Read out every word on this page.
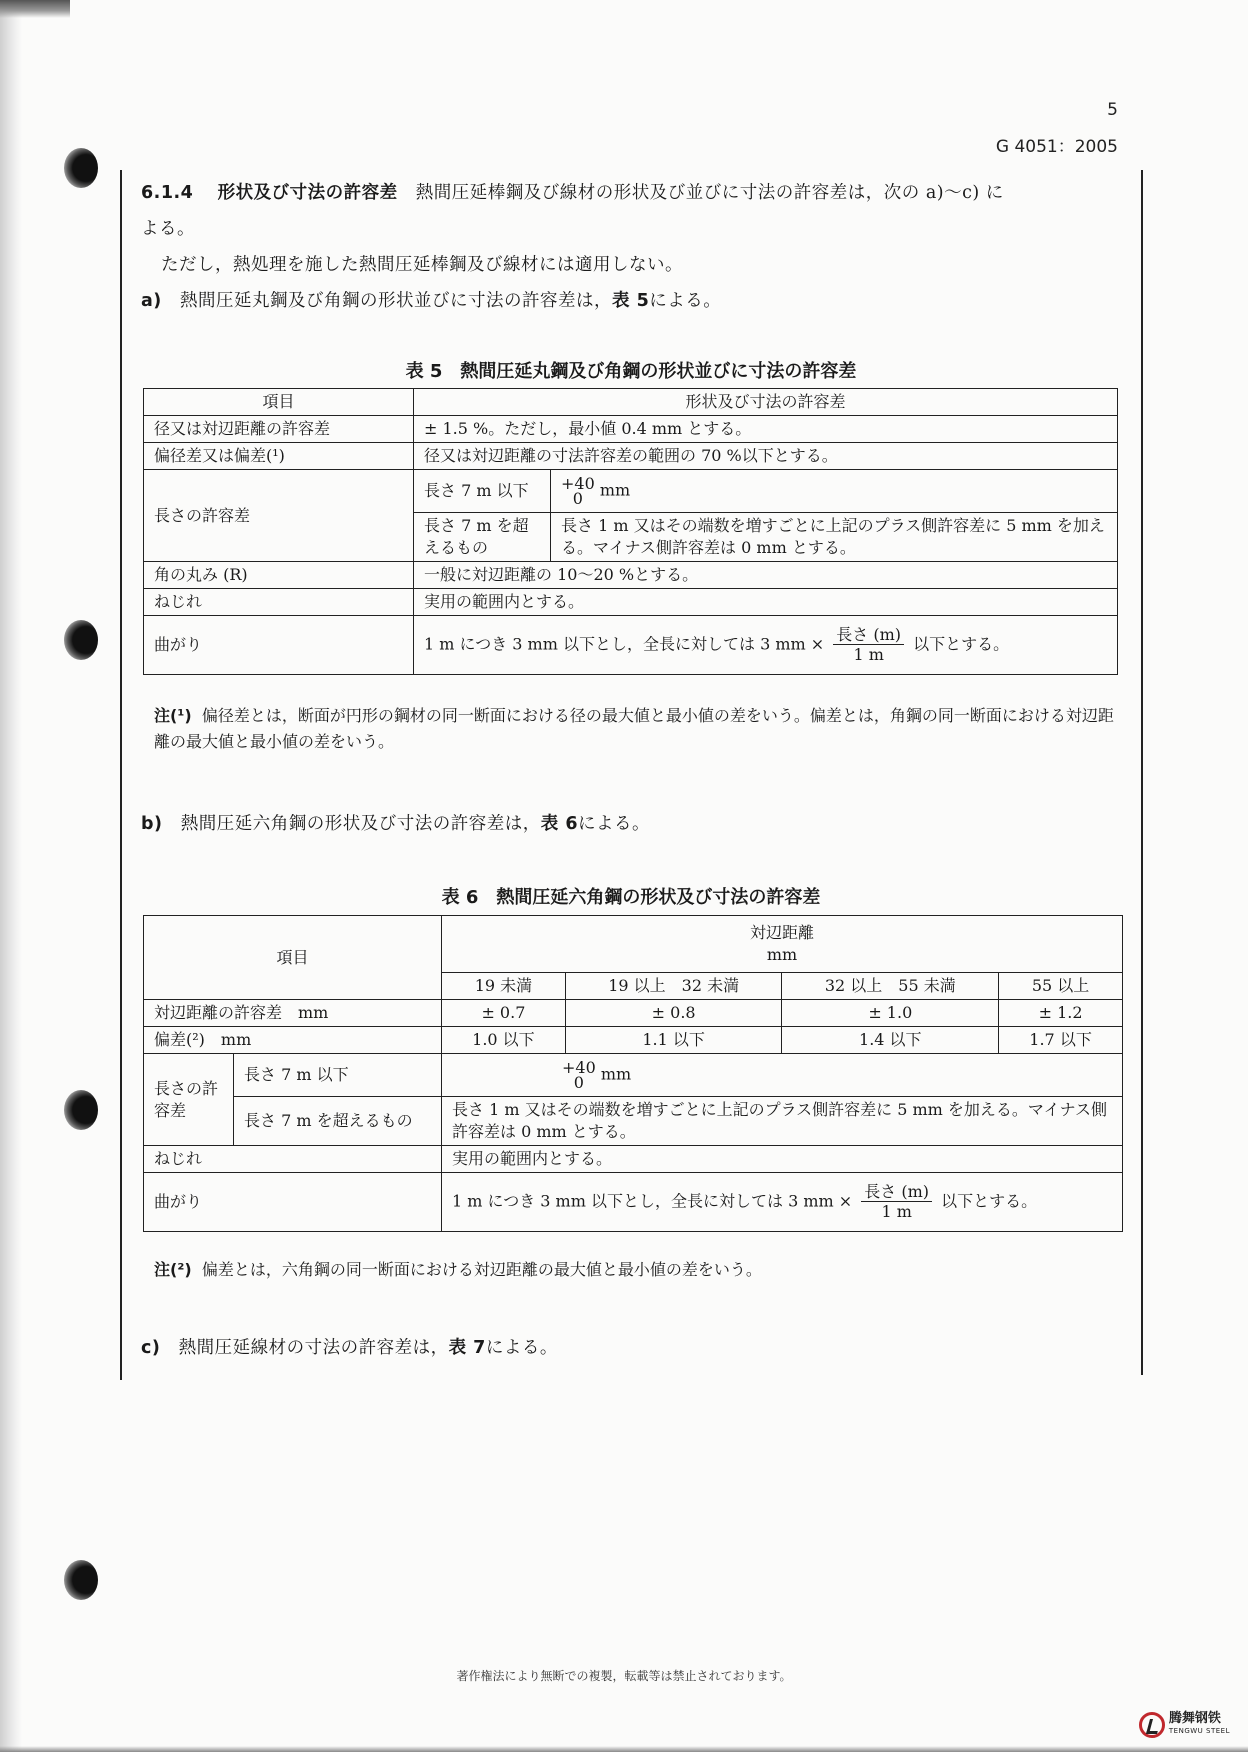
5
G 4051：2005
6.1.4 形状及び寸法の許容差 熱間圧延棒鋼及び線材の形状及び並びに寸法の許容差は，次の a)〜c) に
よる。
ただし，熱処理を施した熱間圧延棒鋼及び線材には適用しない。
a) 熱間圧延丸鋼及び角鋼の形状並びに寸法の許容差は，表 5による。
表 5　熱間圧延丸鋼及び角鋼の形状並びに寸法の許容差
項目	形状及び寸法の許容差	
径又は対辺距離の許容差	± 1.5 %。ただし，最小値 0.4 mm とする。	
偏径差又は偏差(¹)	径又は対辺距離の寸法許容差の範囲の 70 %以下とする。	
長さの許容差	長さ 7 m 以下	+40
0 mm
	長さ 7 m を超えるもの	長さ 1 m 又はその端数を増すごとに上記のプラス側許容差に 5 mm を加える。マイナス側許容差は 0 mm とする。
角の丸み (R)	一般に対辺距離の 10〜20 %とする。	
ねじれ	実用の範囲内とする。	
曲がり	1 m につき 3 mm 以下とし，全長に対しては 3 mm × $\frac{\text{長さ (m)}}{1 m}$ 以下とする。	
注(¹) 偏径差とは，断面が円形の鋼材の同一断面における径の最大値と最小値の差をいう。偏差とは，角鋼の同一断面における対辺距離の最大値と最小値の差をいう。
b) 熱間圧延六角鋼の形状及び寸法の許容差は，表 6による。
表 6　熱間圧延六角鋼の形状及び寸法の許容差
項目		対辺距離
mm			
		19 未満	19 以上　32 未満	32 以上　55 未満	55 以上
対辺距離の許容差　mm		± 0.7	± 0.8	± 1.0	± 1.2
偏差(²)　mm		1.0 以下	1.1 以下	1.4 以下	1.7 以下
長さの許容差	長さ 7 m 以下	+40
0 mm			
	長さ 7 m を超えるもの	長さ 1 m 又はその端数を増すごとに上記のプラス側許容差に 5 mm を加える。マイナス側許容差は 0 mm とする。			
ねじれ		実用の範囲内とする。			
曲がり		1 m につき 3 mm 以下とし，全長に対しては 3 mm × $\frac{\text{長さ (m)}}{1 m}$ 以下とする。			
注(²) 偏差とは，六角鋼の同一断面における対辺距離の最大値と最小値の差をいう。
c) 熱間圧延線材の寸法の許容差は，表 7による。
著作権法により無断での複製，転載等は禁止されております。
腾舞钢铁
TENGWU STEEL
